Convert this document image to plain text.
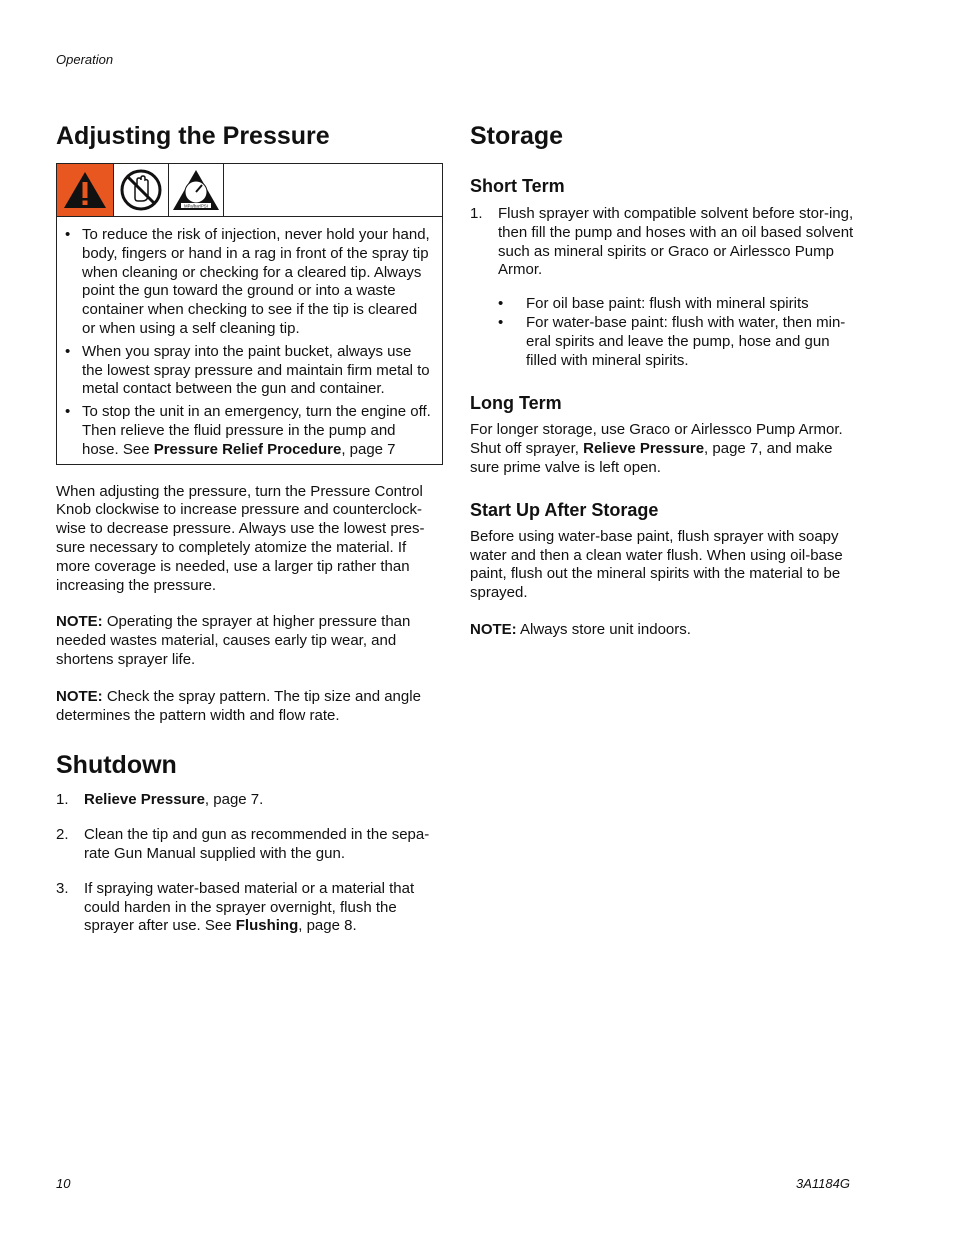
Operation
Adjusting the Pressure
MPa/bar/PSI
• To reduce the risk of injection, never hold your hand, body, fingers or hand in a rag in front of the spray tip when cleaning or checking for a cleared tip. Always point the gun toward the ground or into a waste container when checking to see if the tip is cleared or when using a self cleaning tip.
• When you spray into the paint bucket, always use the lowest spray pressure and maintain firm metal to metal contact between the gun and container.
• To stop the unit in an emergency, turn the engine off. Then relieve the fluid pressure in the pump and hose. See Pressure Relief Procedure, page 7

When adjusting the pressure, turn the Pressure Control Knob clockwise to increase pressure and counterclock-wise to decrease pressure. Always use the lowest pres-sure necessary to completely atomize the material. If more coverage is needed, use a larger tip rather than increasing the pressure.

NOTE: Operating the sprayer at higher pressure than needed wastes material, causes early tip wear, and shortens sprayer life.

NOTE: Check the spray pattern. The tip size and angle determines the pattern width and flow rate.

Shutdown
1. Relieve Pressure, page 7.
2. Clean the tip and gun as recommended in the sepa-rate Gun Manual supplied with the gun.
3. If spraying water-based material or a material that could harden in the sprayer overnight, flush the sprayer after use. See Flushing, page 8.
Storage
Short Term
1. Flush sprayer with compatible solvent before stor-ing, then fill the pump and hoses with an oil based solvent such as mineral spirits or Graco or Airlessco Pump Armor.
• For oil base paint: flush with mineral spirits
• For water-base paint: flush with water, then min-eral spirits and leave the pump, hose and gun filled with mineral spirits.
Long Term

For longer storage, use Graco or Airlessco Pump Armor. Shut off sprayer, Relieve Pressure, page 7, and make sure prime valve is left open.

Start Up After Storage

Before using water-base paint, flush sprayer with soapy water and then a clean water flush. When using oil-base paint, flush out the mineral spirits with the material to be sprayed.

NOTE: Always store unit indoors.

10	3A1184G
